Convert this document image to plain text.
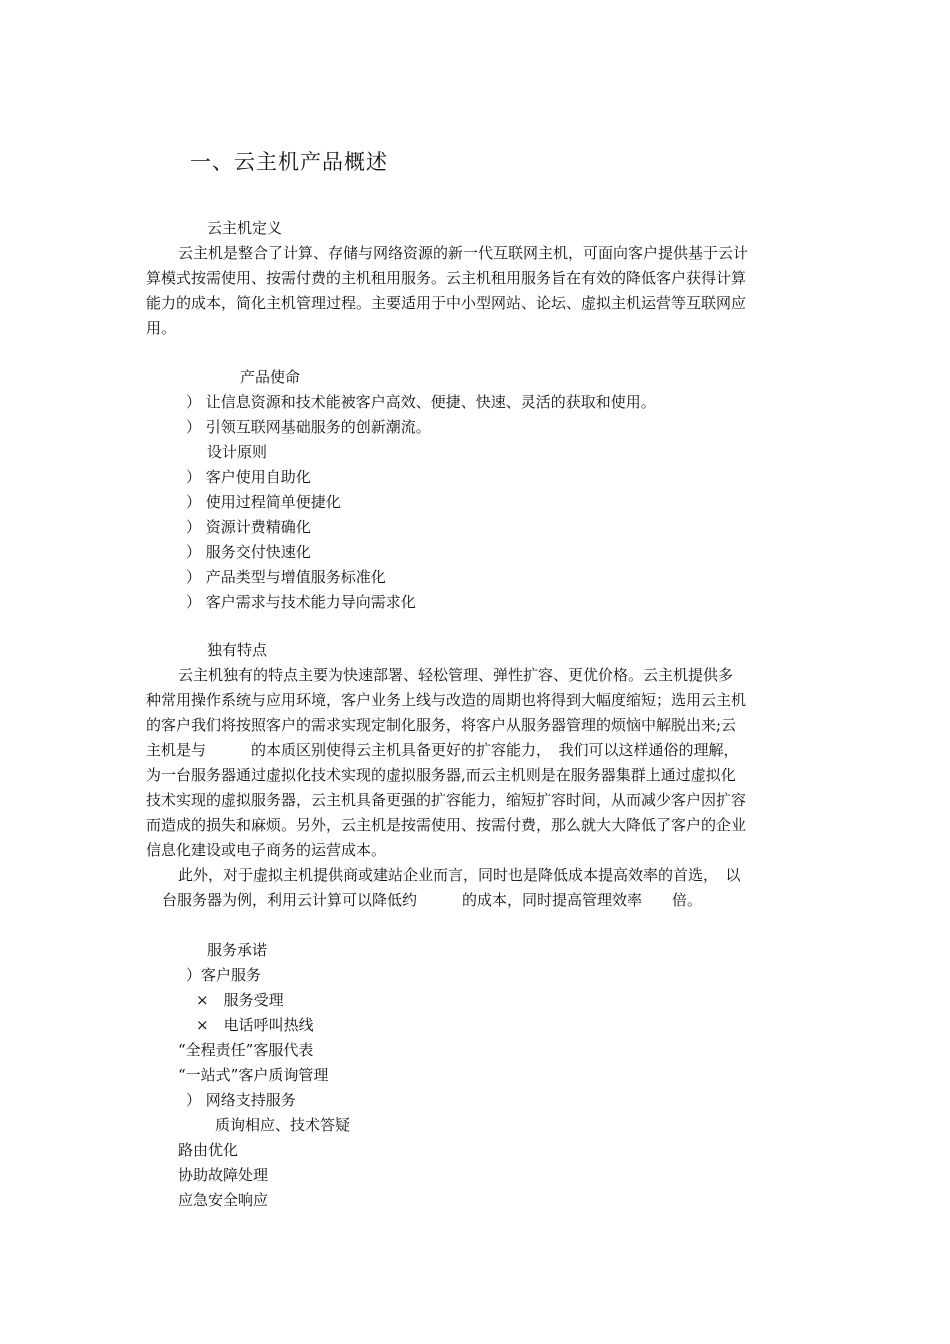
一、云主机产品概述
云主机定义
云主机是整合了计算、存储与网络资源的新一代互联网主机，可面向客户提供基于云计
算模式按需使用、按需付费的主机租用服务。云主机租用服务旨在有效的降低客户获得计算
能力的成本，简化主机管理过程。主要适用于中小型网站、论坛、虚拟主机运营等互联网应
用。
产品使命
） 让信息资源和技术能被客户高效、便捷、快速、灵活的获取和使用。
） 引领互联网基础服务的创新潮流。
设计原则
） 客户使用自助化
） 使用过程简单便捷化
） 资源计费精确化
） 服务交付快速化
） 产品类型与增值服务标准化
） 客户需求与技术能力导向需求化
独有特点
云主机独有的特点主要为快速部署、轻松管理、弹性扩容、更优价格。云主机提供多
种常用操作系统与应用环境，客户业务上线与改造的周期也将得到大幅度缩短；选用云主机
的客户我们将按照客户的需求实现定制化服务，将客户从服务器管理的烦恼中解脱出来;云
主机是与　　　的本质区别使得云主机具备更好的扩容能力，　我们可以这样通俗的理解，
为一台服务器通过虚拟化技术实现的虚拟服务器,而云主机则是在服务器集群上通过虚拟化
技术实现的虚拟服务器，云主机具备更强的扩容能力，缩短扩容时间，从而减少客户因扩容
而造成的损失和麻烦。另外，云主机是按需使用、按需付费，那么就大大降低了客户的企业
信息化建设或电子商务的运营成本。
此外，对于虚拟主机提供商或建站企业而言，同时也是降低成本提高效率的首选，　以
台服务器为例，利用云计算可以降低约　　　的成本，同时提高管理效率　　倍。
服务承诺
）客户服务
×　服务受理
×　电话呼叫热线
“全程责任”客服代表
“一站式”客户质询管理
） 网络支持服务
质询相应、技术答疑
路由优化
协助故障处理
应急安全响应
